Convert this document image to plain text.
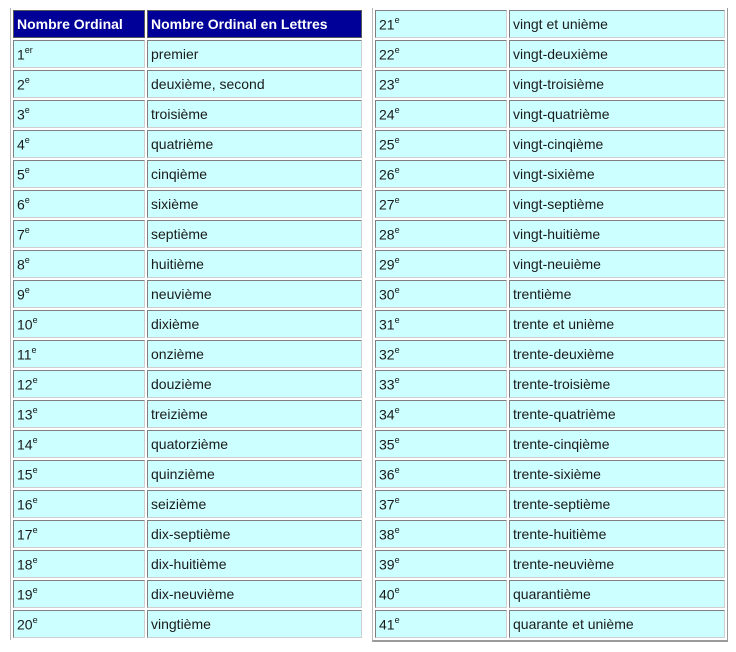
Nombre Ordinal	Nombre Ordinal en Lettres
1er	premier
2e	deuxième, second
3e	troisième
4e	quatrième
5e	cinqième
6e	sixième
7e	septième
8e	huitième
9e	neuvième
10e	dixième
11e	onzième
12e	douzième
13e	treizième
14e	quatorzième
15e	quinzième
16e	seizième
17e	dix-septième
18e	dix-huitième
19e	dix-neuvième
20e	vingtième
21e	vingt et unième
22e	vingt-deuxième
23e	vingt-troisième
24e	vingt-quatrième
25e	vingt-cinqième
26e	vingt-sixième
27e	vingt-septième
28e	vingt-huitième
29e	vingt-neuième
30e	trentième
31e	trente et unième
32e	trente-deuxième
33e	trente-troisième
34e	trente-quatrième
35e	trente-cinqième
36e	trente-sixième
37e	trente-septième
38e	trente-huitième
39e	trente-neuvième
40e	quarantième
41e	quarante et unième
